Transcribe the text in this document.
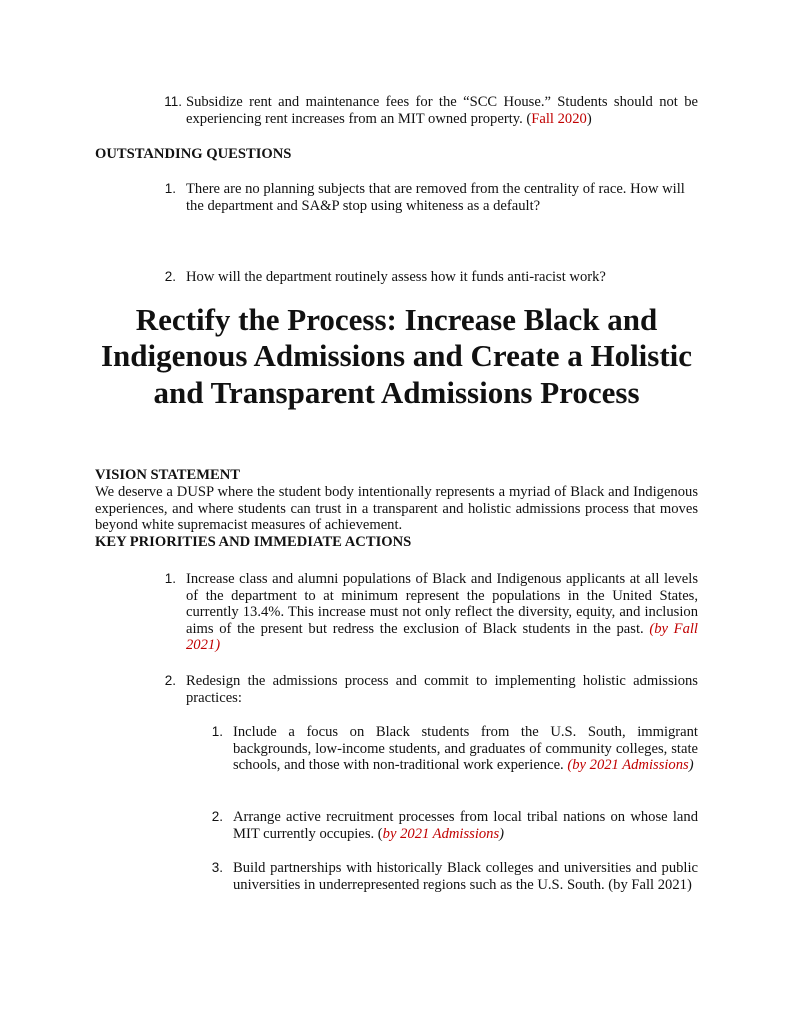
11. Subsidize rent and maintenance fees for the “SCC House.” Students should not be experiencing rent increases from an MIT owned property. (Fall 2020)
OUTSTANDING QUESTIONS
1. There are no planning subjects that are removed from the centrality of race. How will the department and SA&P stop using whiteness as a default?
2. How will the department routinely assess how it funds anti-racist work?
Rectify the Process: Increase Black and Indigenous Admissions and Create a Holistic and Transparent Admissions Process
VISION STATEMENT
We deserve a DUSP where the student body intentionally represents a myriad of Black and Indigenous experiences, and where students can trust in a transparent and holistic admissions process that moves beyond white supremacist measures of achievement.
KEY PRIORITIES AND IMMEDIATE ACTIONS
1. Increase class and alumni populations of Black and Indigenous applicants at all levels of the department to at minimum represent the populations in the United States, currently 13.4%. This increase must not only reflect the diversity, equity, and inclusion aims of the present but redress the exclusion of Black students in the past. (by Fall 2021)
2. Redesign the admissions process and commit to implementing holistic admissions practices:
1. Include a focus on Black students from the U.S. South, immigrant backgrounds, low-income students, and graduates of community colleges, state schools, and those with non-traditional work experience. (by 2021 Admissions)
2. Arrange active recruitment processes from local tribal nations on whose land MIT currently occupies. (by 2021 Admissions)
3. Build partnerships with historically Black colleges and universities and public universities in underrepresented regions such as the U.S. South. (by Fall 2021)
